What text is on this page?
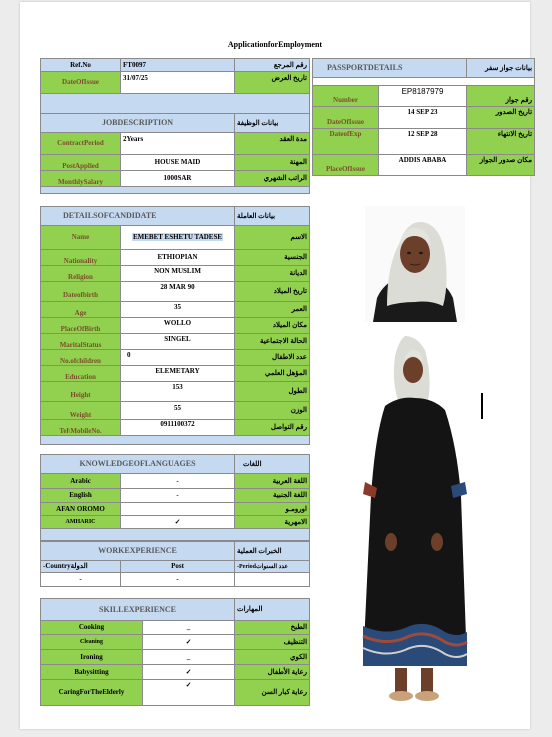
ApplicationforEmployment
Ref.No	FT0097	رقم المرجع
DateOfIssue	31/07/25	تاريخ العرض

JOBDESCRIPTION		بيانات الوظيفة
ContractPeriod	2Years	مدة العقد
PostApplied	HOUSE MAID	المهنة
MonthlySalary	1000SAR	الراتب الشهري

DETAILSOFCANDIDATE		بيانات العاملة
Name	EMEBET ESHETU TADESE	الاسم
Nationality	ETHIOPIAN	الجنسية
Religion	NON MUSLIM	الديانة
Dateofbirth	28 MAR 90	تاريخ الميلاد
Age	35	العمر
PlaceOfBirth	WOLLO	مكان الميلاد
MaritalStatus	SINGEL	الحالة الاجتماعية
No.ofchildren	0	عدد الاطفال
Education	ELEMETARY	المؤهل العلمي
Height	153	الطول
Weight	55	الوزن
Tel\MobileNo.	0911100372	رقم التواصل

KNOWLEDGEOFLANGUAGES		اللغات
Arabic	-	اللغة العربية
English	-	اللغة الجنبية
AFAN OROMO		اورومـو
AMHARIC	✓	الامهرية

WORKEXPERIENCE		الخبرات العملية
-Countryالدولة	Post	-Periodعدد السنوات
-	-	

SKILLEXPERIENCE		المهارات
Cooking	_	الطبخ
Cleaning	✓	التنظيف
Ironing	_	الكوي
Babysitting	✓	رعاية الأطفال
CaringForTheElderly	✓	رعاية كبار السن
PASSPORTDETAILS		بيانات جواز سفر

Number	EP8187979	رقم جواز
DateOfIssue	14 SEP 23	تاريخ الصدور
DateofExp	12 SEP 28	تاريخ الانتهاء
PlaceOfIssue	ADDIS ABABA	مكان صدور الجواز
